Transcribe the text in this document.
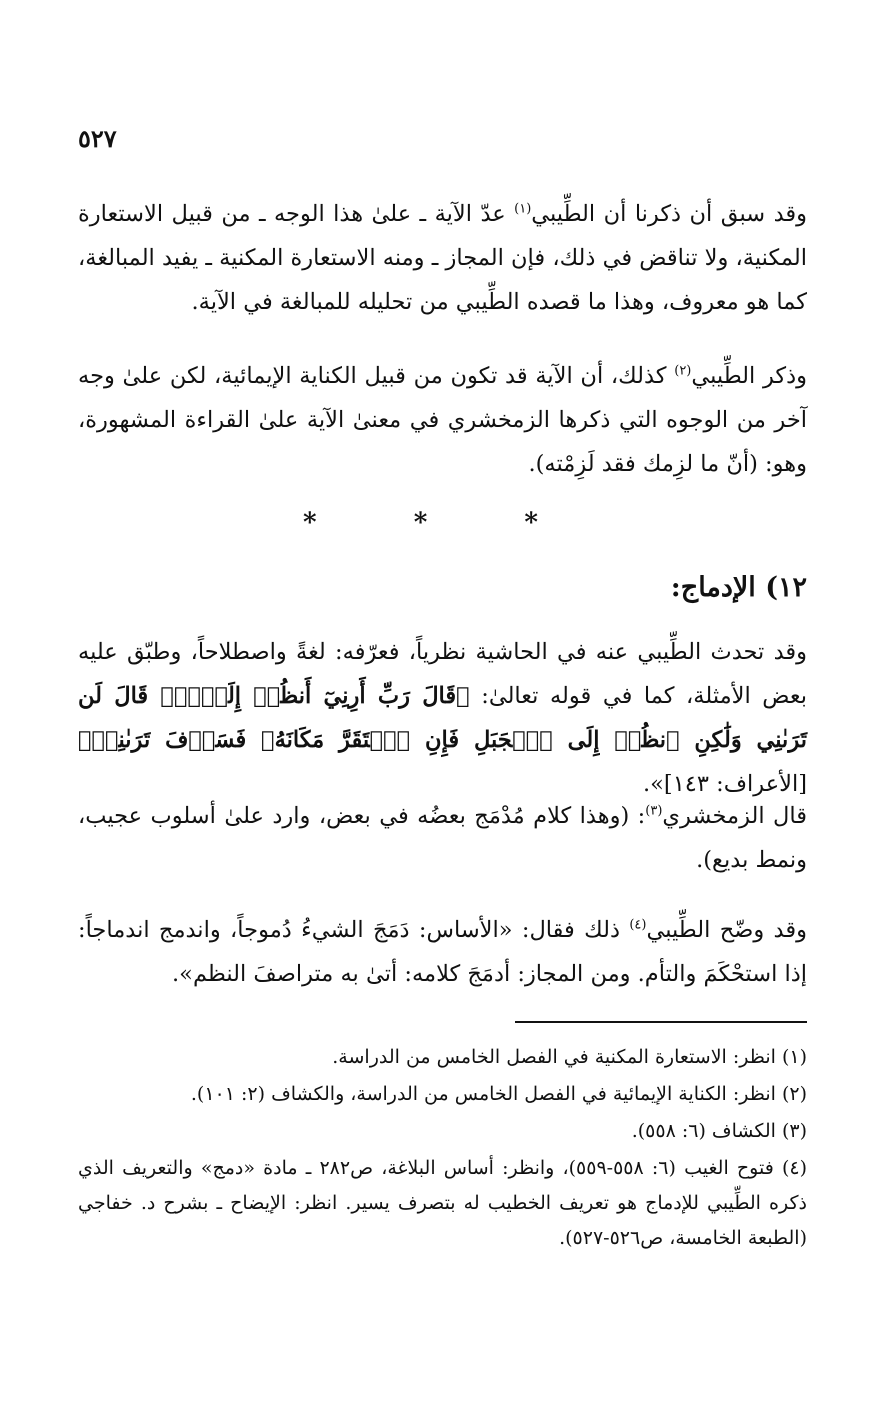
٥٢٧

وقد سبق أن ذكرنا أن الطِّيبي$^{(١)}$ عدّ الآية ـ علىٰ هذا الوجه ـ من قبيل الاستعارة المكنية، ولا تناقض في ذلك، فإن المجاز ـ ومنه الاستعارة المكنية ـ يفيد المبالغة، كما هو معروف، وهذا ما قصده الطِّيبي من تحليله للمبالغة في الآية.

وذكر الطِّيبي$^{(٢)}$ كذلك، أن الآية قد تكون من قبيل الكناية الإيمائية، لكن علىٰ وجه آخر من الوجوه التي ذكرها الزمخشري في معنىٰ الآية علىٰ القراءة المشهورة، وهو: (أنّ ما لزِمك فقد لَزِمْته).

* * *
١٢) الإدماج:

وقد تحدث الطِّيبي عنه في الحاشية نظرياً، فعرّفه: لغةً واصطلاحاً، وطبّق عليه بعض الأمثلة، كما في قوله تعالىٰ: ﴿قَالَ رَبِّ أَرِنِيٓ أَنظُرۡ إِلَيۡكَۚ قَالَ لَن تَرَىٰنِي وَلَٰكِنِ ٱنظُرۡ إِلَى ٱلۡجَبَلِ فَإِنِ ٱسۡتَقَرَّ مَكَانَهُۥ فَسَوۡفَ تَرَىٰنِيۚ﴾ [الأعراف: ١٤٣]».

قال الزمخشري$^{(٣)}$: (وهذا كلام مُدْمَج بعضُه في بعض، وارد علىٰ أسلوب عجيب، ونمط بديع).

وقد وضّح الطِّيبي$^{(٤)}$ ذلك فقال: «الأساس: دَمَجَ الشيءُ دُموجاً، واندمج اندماجاً: إذا استحْكَمَ والتأم. ومن المجاز: أدمَجَ كلامه: أتىٰ به متراصفَ النظم».

(١) انظر: الاستعارة المكنية في الفصل الخامس من الدراسة.
(٢) انظر: الكناية الإيمائية في الفصل الخامس من الدراسة، والكشاف (٢: ١٠١).
(٣) الكشاف (٦: ٥٥٨).
(٤) فتوح الغيب (٦: ٥٥٨-٥٥٩)، وانظر: أساس البلاغة، ص٢٨٢ ـ مادة «دمج» والتعريف الذي ذكره الطِّيبي للإدماج هو تعريف الخطيب له بتصرف يسير. انظر: الإيضاح ـ بشرح د. خفاجي (الطبعة الخامسة، ص٥٢٦-٥٢٧).
